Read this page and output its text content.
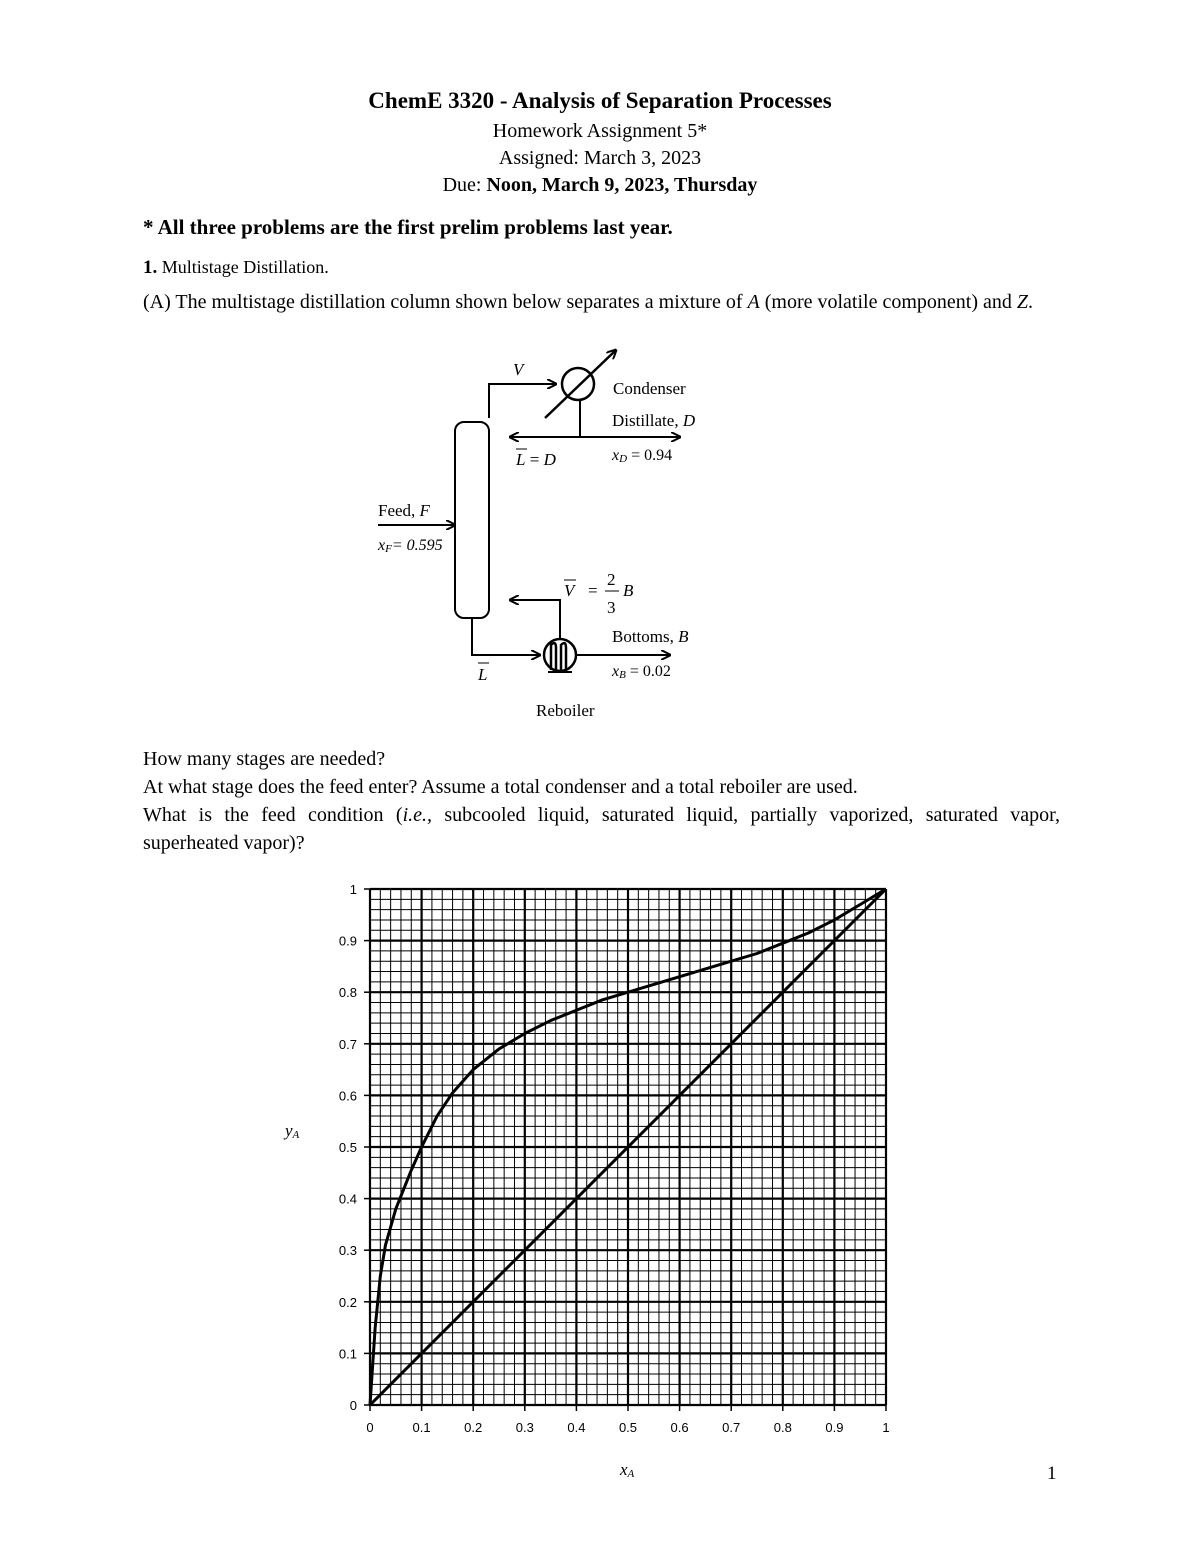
ChemE 3320 - Analysis of Separation Processes
Homework Assignment 5*
Assigned: March 3, 2023
Due: Noon, March 9, 2023, Thursday
* All three problems are the first prelim problems last year.
1. Multistage Distillation.
(A) The multistage distillation column shown below separates a mixture of A (more volatile component) and Z.
V
Condenser
Distillate, D
L = D	xD = 0.94
Feed, F
xF= 0.595
V =
2
3
B
Bottoms, B
L	xB = 0.02
Reboiler
How many stages are needed?
At what stage does the feed enter? Assume a total condenser and a total reboiler are used.
What is the feed condition (i.e., subcooled liquid, saturated liquid, partially vaporized, saturated vapor, superheated vapor)?
0	0.1	0.2	0.3	0.4	0.5	0.6	0.7	0.8	0.9	1
0
0.1
0.2
0.3
0.4
0.5
0.6
0.7
0.8
0.9
1
yA
xA	1
